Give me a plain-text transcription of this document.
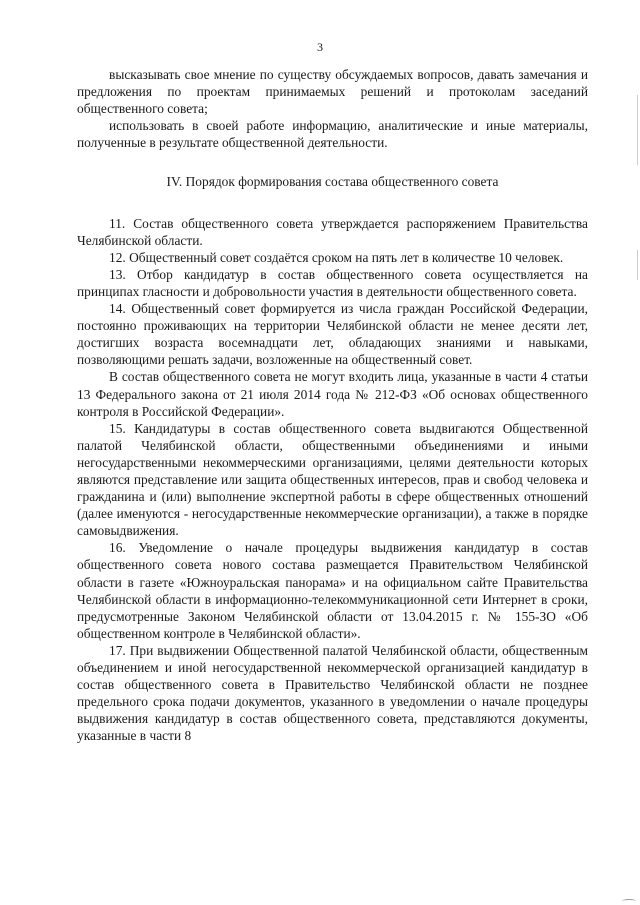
3

высказывать свое мнение по существу обсуждаемых вопросов, давать замечания и предложения по проектам принимаемых решений и протоколам заседаний общественного совета;

использовать в своей работе информацию, аналитические и иные материалы, полученные в результате общественной деятельности.

IV. Порядок формирования состава общественного совета

11. Состав общественного совета утверждается распоряжением Правительства Челябинской области.

12. Общественный совет создаётся сроком на пять лет в количестве 10 человек.

13. Отбор кандидатур в состав общественного совета осуществляется на принципах гласности и добровольности участия в деятельности общественного совета.

14. Общественный совет формируется из числа граждан Российской Федерации, постоянно проживающих на территории Челябинской области не менее десяти лет, достигших возраста восемнадцати лет, обладающих знаниями и навыками, позволяющими решать задачи, возложенные на общественный совет.

В состав общественного совета не могут входить лица, указанные в части 4 статьи 13 Федерального закона от 21 июля 2014 года № 212-ФЗ «Об основах общественного контроля в Российской Федерации».

15. Кандидатуры в состав общественного совета выдвигаются Общественной палатой Челябинской области, общественными объединениями и иными негосударственными некоммерческими организациями, целями деятельности которых являются представление или защита общественных интересов, прав и свобод человека и гражданина и (или) выполнение экспертной работы в сфере общественных отношений (далее именуются - негосударственные некоммерческие организации), а также в порядке самовыдвижения.

16. Уведомление о начале процедуры выдвижения кандидатур в состав общественного совета нового состава размещается Правительством Челябинской области в газете «Южноуральская панорама» и на официальном сайте Правительства Челябинской области в информационно-телекоммуникационной сети Интернет в сроки, предусмотренные Законом Челябинской области от 13.04.2015 г. № 155-ЗО «Об общественном контроле в Челябинской области».

17. При выдвижении Общественной палатой Челябинской области, общественным объединением и иной негосударственной некоммерческой организацией кандидатур в состав общественного совета в Правительство Челябинской области не позднее предельного срока подачи документов, указанного в уведомлении о начале процедуры выдвижения кандидатур в состав общественного совета, представляются документы, указанные в части 8
